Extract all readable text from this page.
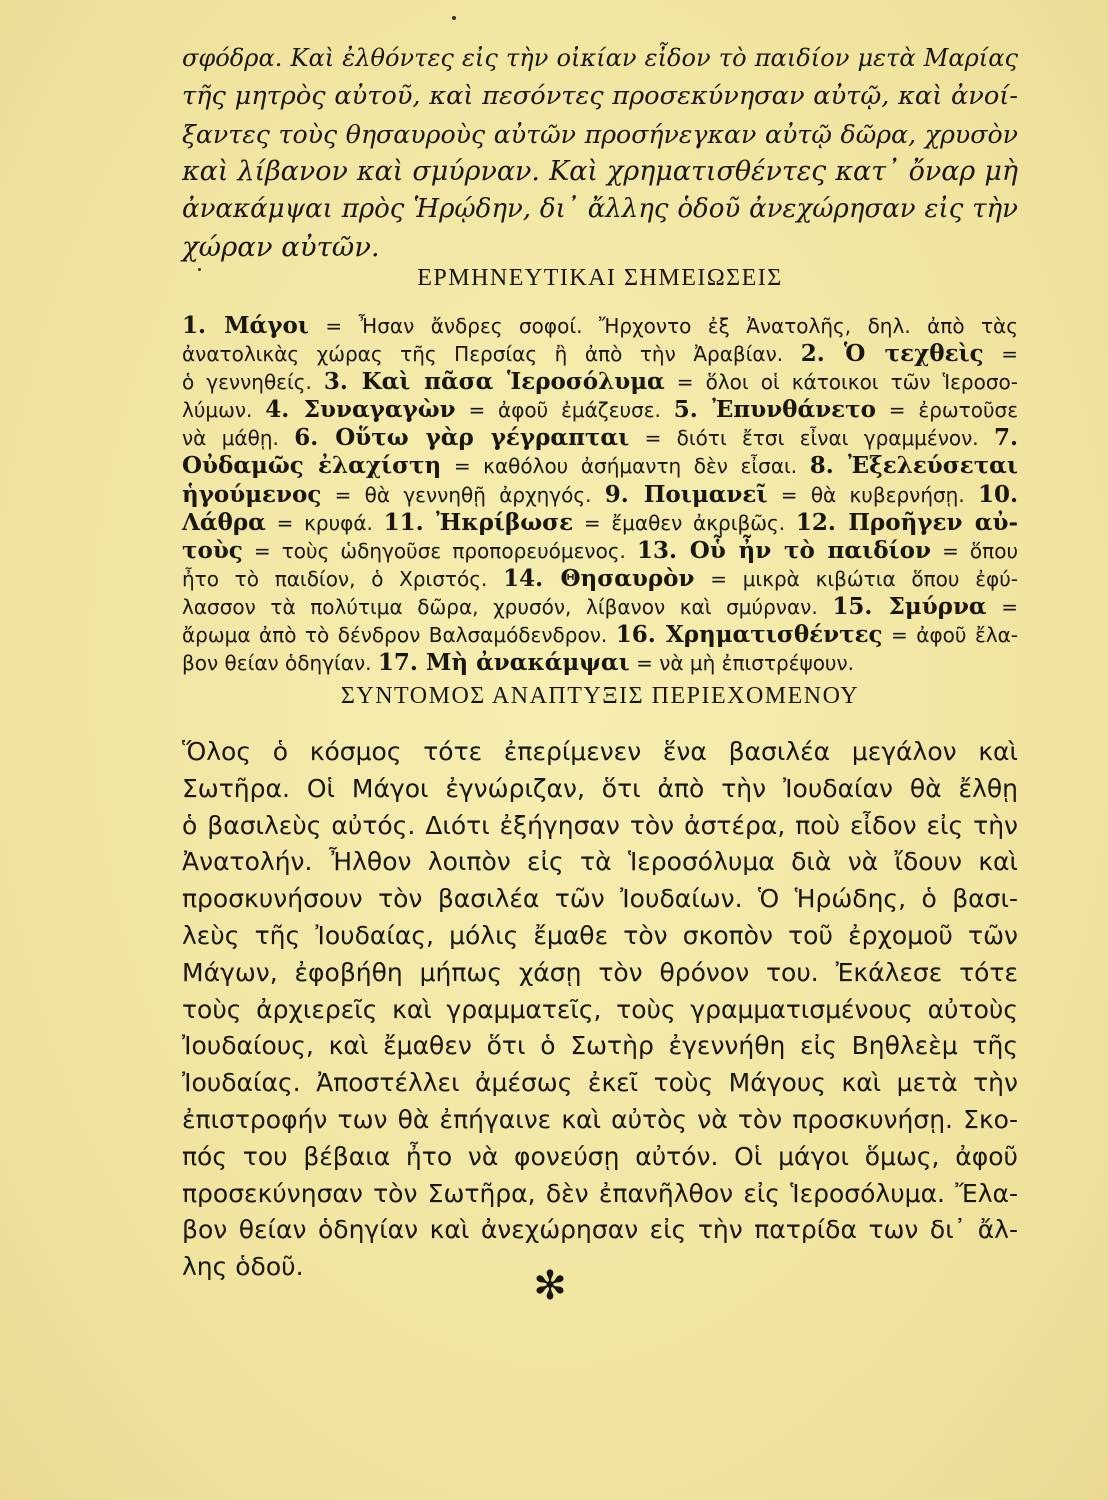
σφόδρα. Καὶ ἐλθόντες εἰς τὴν οἰκίαν εἶδον τὸ παιδίον μετὰ Μαρίας
τῆς μητρὸς αὐτοῦ, καὶ πεσόντες προσεκύνησαν αὐτῷ, καὶ ἀνοί-
ξαντες τοὺς θησαυροὺς αὐτῶν προσήνεγκαν αὐτῷ δῶρα, χρυσὸν
καὶ λίβανον καὶ σμύρναν. Καὶ χρηματισθέντες κατ᾿ ὄναρ μὴ
ἀνακάμψαι πρὸς Ἡρῴδην, δι᾿ ἄλλης ὁδοῦ ἀνεχώρησαν εἰς τὴν
χώραν αὐτῶν.
ΕΡΜΗΝΕΥΤΙΚΑΙ ΣΗΜΕΙΩΣΕΙΣ
1. Μάγοι = Ἦσαν ἄνδρες σοφοί. Ἤρχοντο ἐξ Ἀνατολῆς, δηλ. ἀπὸ τὰς
ἀνατολικὰς χώρας τῆς Περσίας ἢ ἀπὸ τὴν Ἀραβίαν. 2. Ὁ τεχθεὶς =
ὁ γεννηθείς. 3. Καὶ πᾶσα Ἱεροσόλυμα = ὅλοι οἱ κάτοικοι τῶν Ἱεροσο-
λύμων. 4. Συναγαγὼν = ἀφοῦ ἐμάζευσε. 5. Ἐπυνθάνετο = ἐρωτοῦσε
νὰ μάθῃ. 6. Οὕτω γὰρ γέγραπται = διότι ἔτσι εἶναι γραμμένον. 7.
Οὐδαμῶς ἐλαχίστη = καθόλου ἀσήμαντη δὲν εἶσαι. 8. Ἐξελεύσεται
ἡγούμενος = θὰ γεννηθῇ ἀρχηγός. 9. Ποιμανεῖ = θὰ κυβερνήσῃ. 10.
Λάθρα = κρυφά. 11. Ἠκρίβωσε = ἔμαθεν ἀκριβῶς. 12. Προῆγεν αὐ-
τοὺς = τοὺς ὡδηγοῦσε προπορευόμενος. 13. Οὗ ἦν τὸ παιδίον = ὅπου
ἦτο τὸ παιδίον, ὁ Χριστός. 14. Θησαυρὸν = μικρὰ κιβώτια ὅπου ἐφύ-
λασσον τὰ πολύτιμα δῶρα, χρυσόν, λίβανον καὶ σμύρναν. 15. Σμύρνα =
ἄρωμα ἀπὸ τὸ δένδρον Βαλσαμόδενδρον. 16. Χρηματισθέντες = ἀφοῦ ἔλα-
βον θείαν ὁδηγίαν. 17. Μὴ ἀνακάμψαι = νὰ μὴ ἐπιστρέψουν.
ΣΥΝΤΟΜΟΣ ΑΝΑΠΤΥΞΙΣ ΠΕΡΙΕΧΟΜΕΝΟΥ
Ὅλος ὁ κόσμος τότε ἐπερίμενεν ἕνα βασιλέα μεγάλον καὶ
Σωτῆρα. Οἱ Μάγοι ἐγνώριζαν, ὅτι ἀπὸ τὴν Ἰουδαίαν θὰ ἔλθῃ
ὁ βασιλεὺς αὐτός. Διότι ἐξήγησαν τὸν ἀστέρα, ποὺ εἶδον εἰς τὴν
Ἀνατολήν. Ἦλθον λοιπὸν εἰς τὰ Ἱεροσόλυμα διὰ νὰ ἴδουν καὶ
προσκυνήσουν τὸν βασιλέα τῶν Ἰουδαίων. Ὁ Ἡρώδης, ὁ βασι-
λεὺς τῆς Ἰουδαίας, μόλις ἔμαθε τὸν σκοπὸν τοῦ ἐρχομοῦ τῶν
Μάγων, ἐφοβήθη μήπως χάσῃ τὸν θρόνον του. Ἐκάλεσε τότε
τοὺς ἀρχιερεῖς καὶ γραμματεῖς, τοὺς γραμματισμένους αὐτοὺς
Ἰουδαίους, καὶ ἔμαθεν ὅτι ὁ Σωτὴρ ἐγεννήθη εἰς Βηθλεὲμ τῆς
Ἰουδαίας. Ἀποστέλλει ἀμέσως ἐκεῖ τοὺς Μάγους καὶ μετὰ τὴν
ἐπιστροφήν των θὰ ἐπήγαινε καὶ αὐτὸς νὰ τὸν προσκυνήσῃ. Σκο-
πός του βέβαια ἦτο νὰ φονεύσῃ αὐτόν. Οἱ μάγοι ὅμως, ἀφοῦ
προσεκύνησαν τὸν Σωτῆρα, δὲν ἐπανῆλθον εἰς Ἱεροσόλυμα. Ἔλα-
βον θείαν ὁδηγίαν καὶ ἀνεχώρησαν εἰς τὴν πατρίδα των δι᾿ ἄλ-
λης ὁδοῦ.	✻
